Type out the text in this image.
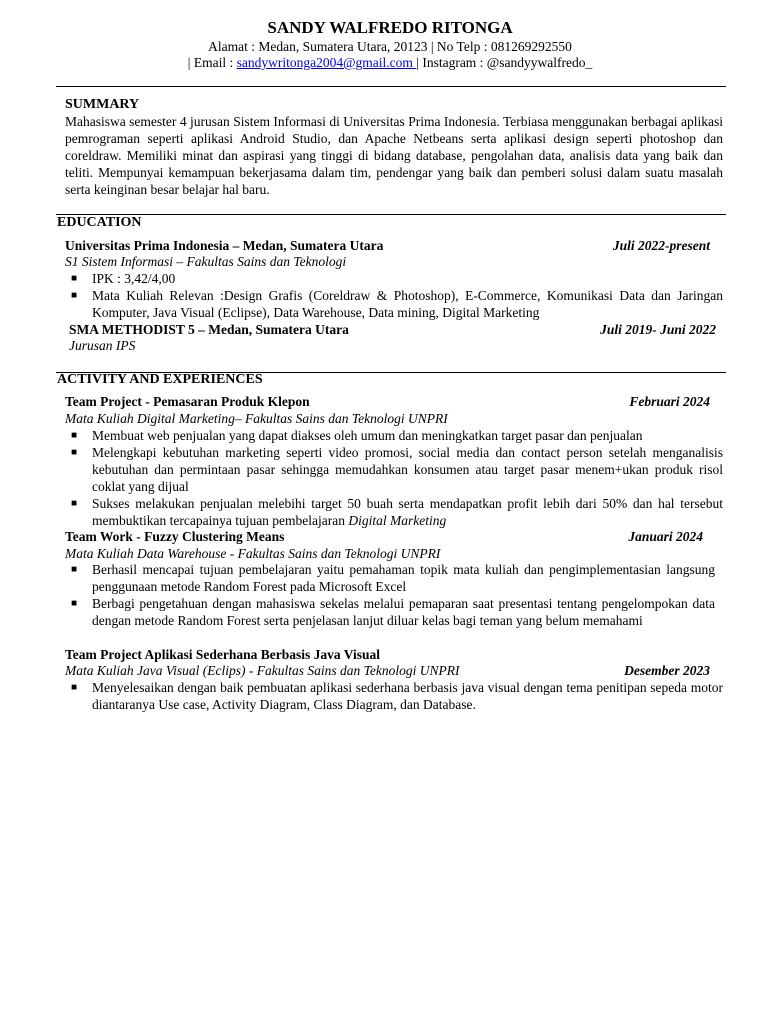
SANDY WALFREDO RITONGA
Alamat : Medan, Sumatera Utara, 20123 | No Telp : 081269292550
| Email : sandywritonga2004@gmail.com | Instagram : @sandyywalfredo_
SUMMARY
Mahasiswa semester 4 jurusan Sistem Informasi di Universitas Prima Indonesia. Terbiasa menggunakan berbagai aplikasi pemrograman seperti aplikasi Android Studio, dan Apache Netbeans serta aplikasi design seperti photoshop dan coreldraw. Memiliki minat dan aspirasi yang tinggi di bidang database, pengolahan data, analisis data yang baik dan teliti. Mempunyai kemampuan bekerjasama dalam tim, pendengar yang baik dan pemberi solusi dalam suatu masalah serta keinginan besar belajar hal baru.
EDUCATION
Universitas Prima Indonesia – Medan, Sumatera Utara	Juli 2022-present
S1 Sistem Informasi – Fakultas Sains dan Teknologi
■ IPK : 3,42/4,00
■ Mata Kuliah Relevan :Design Grafis (Coreldraw & Photoshop), E-Commerce, Komunikasi Data dan Jaringan Komputer, Java Visual (Eclipse), Data Warehouse, Data mining, Digital Marketing
SMA METHODIST 5 – Medan, Sumatera Utara	Juli 2019- Juni 2022
Jurusan IPS
ACTIVITY AND EXPERIENCES
Team Project - Pemasaran Produk Klepon	Februari 2024
Mata Kuliah Digital Marketing– Fakultas Sains dan Teknologi UNPRI
■ Membuat web penjualan yang dapat diakses oleh umum dan meningkatkan target pasar dan penjualan
■ Melengkapi kebutuhan marketing seperti video promosi, social media dan contact person setelah menganalisis kebutuhan dan permintaan pasar sehingga memudahkan konsumen atau target pasar menem+ukan produk risol coklat yang dijual
■ Sukses melakukan penjualan melebihi target 50 buah serta mendapatkan profit lebih dari 50% dan hal tersebut membuktikan tercapainya tujuan pembelajaran Digital Marketing
Team Work - Fuzzy Clustering Means	Januari 2024
Mata Kuliah Data Warehouse - Fakultas Sains dan Teknologi UNPRI
■ Berhasil mencapai tujuan pembelajaran yaitu pemahaman topik mata kuliah dan pengimplementasian langsung penggunaan metode Random Forest pada Microsoft Excel
■ Berbagi pengetahuan dengan mahasiswa sekelas melalui pemaparan saat presentasi tentang pengelompokan data dengan metode Random Forest serta penjelasan lanjut diluar kelas bagi teman yang belum memahami
Team Project Aplikasi Sederhana Berbasis Java Visual
Mata Kuliah Java Visual (Eclips) - Fakultas Sains dan Teknologi UNPRI	Desember 2023
■ Menyelesaikan dengan baik pembuatan aplikasi sederhana berbasis java visual dengan tema penitipan sepeda motor diantaranya Use case, Activity Diagram, Class Diagram, dan Database.
